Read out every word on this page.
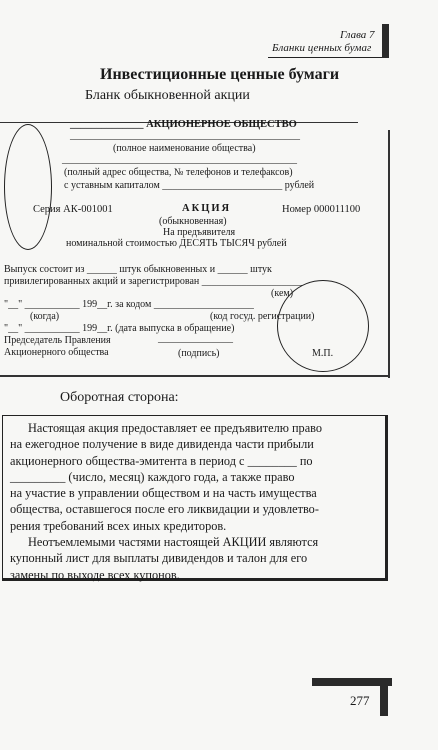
Глава 7
Бланки ценных бумаг
Инвестиционные ценные бумаги
Бланк обыкновенной акции
______________ АКЦИОНЕРНОЕ ОБЩЕСТВО
______________________________________________
(полное наименование общества)
_______________________________________________
(полный адрес общества, № телефонов и телефаксов)
с уставным капиталом ________________________ рублей
Серия АК-001001	АКЦИЯ	Номер 000011100
(обыкновенная)
На предъявителя
номинальной стоимостью ДЕСЯТЬ ТЫСЯЧ рублей
Выпуск состоит из ______ штук обыкновенных и ______ штук
привилегированных акций и зарегистрирован ____________________
(кем)
"__" ___________ 199__г. за кодом ____________________
(когда)	(код госуд. регистрации)
"__" ___________ 199__г. (дата выпуска в обращение)
Председатель Правления	_______________
Акционерного общества	(подпись)	М.П.
Оборотная сторона:
Настоящая акция предоставляет ее предъявителю право
на ежегодное получение в виде дивиденда части прибыли
акционерного общества-эмитента в период с ________ по
_________ (число, месяц) каждого года, а также право
на участие в управлении обществом и на часть имущества
общества, оставшегося после его ликвидации и удовлетво-
рения требований всех иных кредиторов.
Неотъемлемыми частями настоящей АКЦИИ являются
купонный лист для выплаты дивидендов и талон для его
замены по выходе всех купонов.
277
